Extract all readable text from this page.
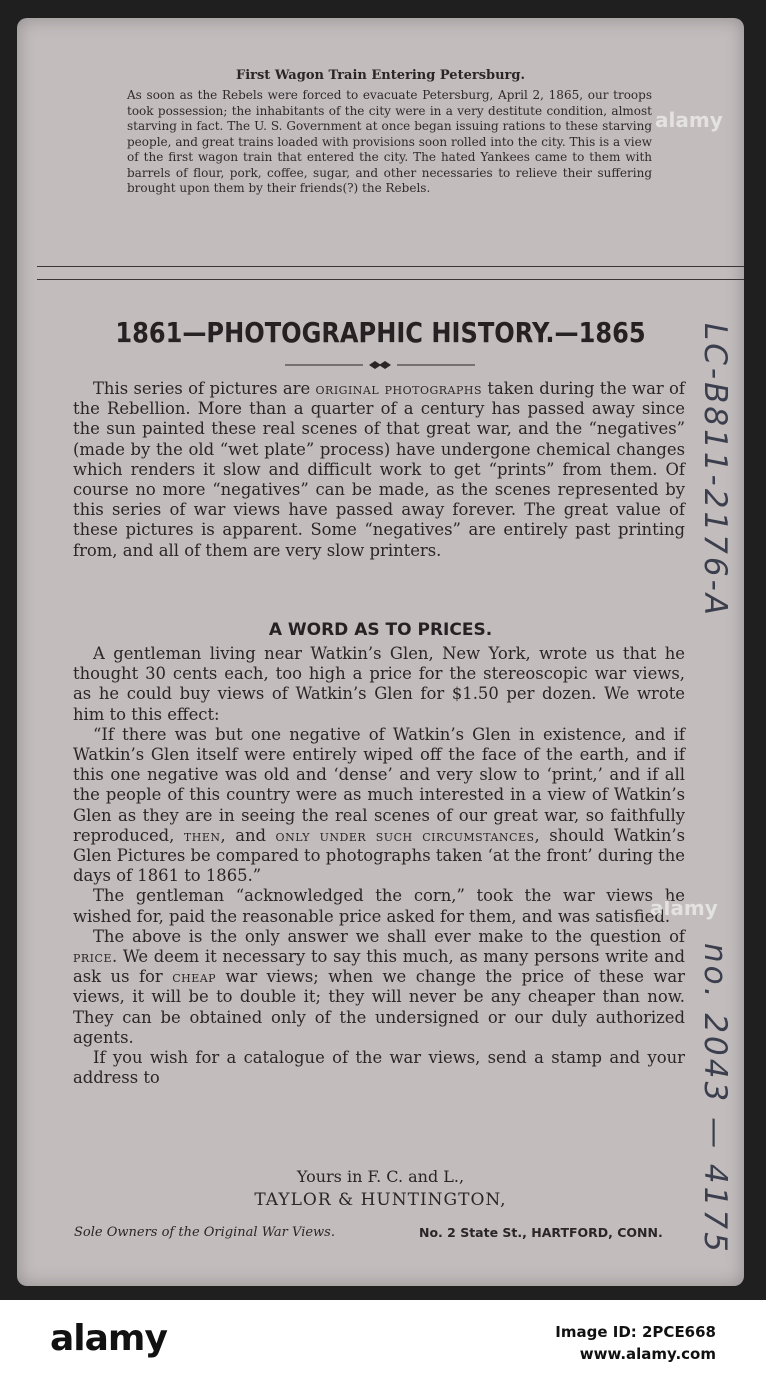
First Wagon Train Entering Petersburg.
As soon as the Rebels were forced to evacuate Petersburg, April 2, 1865, our troops took possession; the inhabitants of the city were in a very destitute condition, almost starving in fact. The U. S. Government at once began issuing rations to these starving people, and great trains loaded with provisions soon rolled into the city. This is a view of the first wagon train that entered the city. The hated Yankees came to them with barrels of flour, pork, coffee, sugar, and other necessaries to relieve their suffering brought upon them by their friends(?) the Rebels.
1861—PHOTOGRAPHIC HISTORY.—1865

This series of pictures are original photographs taken during the war of the Rebellion. More than a quarter of a century has passed away since the sun painted these real scenes of that great war, and the “negatives” (made by the old “wet plate” process) have undergone chemical changes which renders it slow and difficult work to get “prints” from them. Of course no more “negatives” can be made, as the scenes represented by this series of war views have passed away forever. The great value of these pictures is apparent. Some “negatives” are entirely past printing from, and all of them are very slow printers.

A WORD AS TO PRICES.

A gentleman living near Watkin’s Glen, New York, wrote us that he thought 30 cents each, too high a price for the stereoscopic war views, as he could buy views of Watkin’s Glen for $1.50 per dozen. We wrote him to this effect:

“If there was but one negative of Watkin’s Glen in existence, and if Watkin’s Glen itself were entirely wiped off the face of the earth, and if this one negative was old and ‘dense’ and very slow to ‘print,’ and if all the people of this country were as much interested in a view of Watkin’s Glen as they are in seeing the real scenes of our great war, so faithfully reproduced, then, and only under such circumstances, should Watkin’s Glen Pictures be compared to photographs taken ‘at the front’ during the days of 1861 to 1865.”

The gentleman “acknowledged the corn,” took the war views he wished for, paid the reasonable price asked for them, and was satisfied.

The above is the only answer we shall ever make to the question of price. We deem it necessary to say this much, as many persons write and ask us for cheap war views; when we change the price of these war views, it will be to double it; they will never be any cheaper than now. They can be obtained only of the undersigned or our duly authorized agents.

If you wish for a catalogue of the war views, send a stamp and your address to

Yours in F. C. and L.,
TAYLOR & HUNTINGTON,
Sole Owners of the Original War Views.	No. 2 State St., HARTFORD, CONN.
LC-B811-2176-A
no. 2043 — 4175
alamy
alamy
alamy	Image ID: 2PCE668
www.alamy.com
